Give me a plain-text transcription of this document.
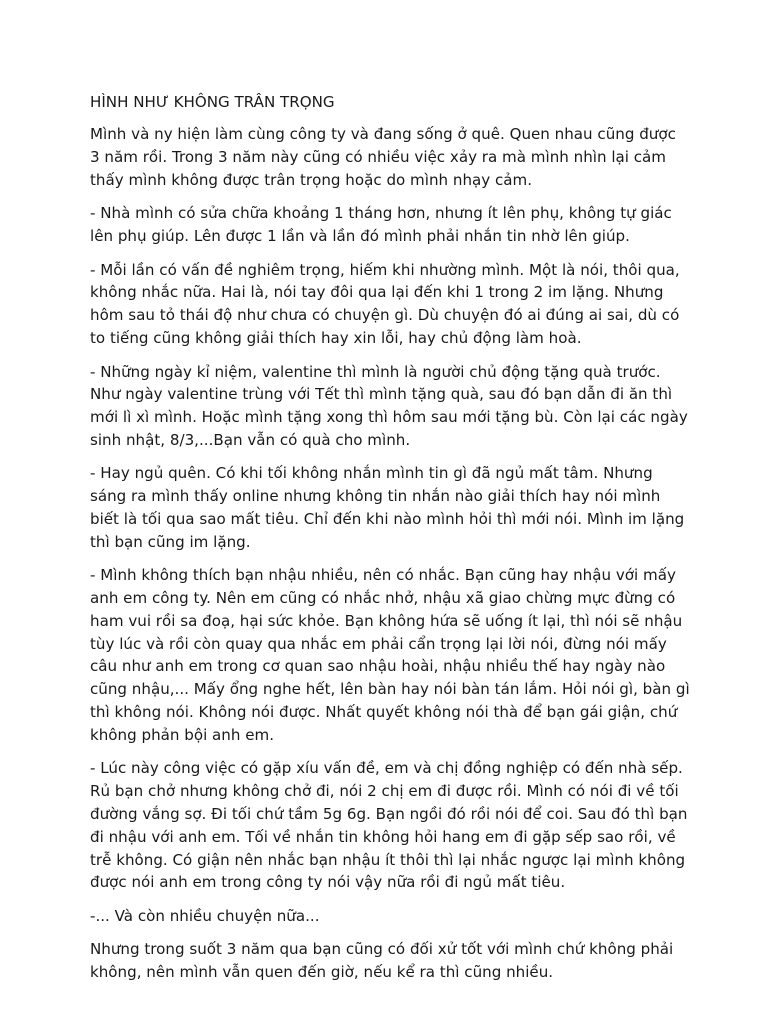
HÌNH NHƯ KHÔNG TRÂN TRỌNG

Mình và ny hiện làm cùng công ty và đang sống ở quê. Quen nhau cũng được 3 năm rồi. Trong 3 năm này cũng có nhiều việc xảy ra mà mình nhìn lại cảm thấy mình không được trân trọng hoặc do mình nhạy cảm.

- Nhà mình có sửa chữa khoảng 1 tháng hơn, nhưng ít lên phụ, không tự giác lên phụ giúp. Lên được 1 lần và lần đó mình phải nhắn tin nhờ lên giúp.

- Mỗi lần có vấn đề nghiêm trọng, hiếm khi nhường mình. Một là nói, thôi qua, không nhắc nữa. Hai là, nói tay đôi qua lại đến khi 1 trong 2 im lặng. Nhưng hôm sau tỏ thái độ như chưa có chuyện gì. Dù chuyện đó ai đúng ai sai, dù có to tiếng cũng không giải thích hay xin lỗi, hay chủ động làm hoà.

- Những ngày kỉ niệm, valentine thì mình là người chủ động tặng quà trước. Như ngày valentine trùng với Tết thì mình tặng quà, sau đó bạn dẫn đi ăn thì mới lì xì mình. Hoặc mình tặng xong thì hôm sau mới tặng bù. Còn lại các ngày sinh nhật, 8/3,...Bạn vẫn có quà cho mình.

- Hay ngủ quên. Có khi tối không nhắn mình tin gì đã ngủ mất tâm. Nhưng sáng ra mình thấy online nhưng không tin nhắn nào giải thích hay nói mình biết là tối qua sao mất tiêu. Chỉ đến khi nào mình hỏi thì mới nói. Mình im lặng thì bạn cũng im lặng.

- Mình không thích bạn nhậu nhiều, nên có nhắc. Bạn cũng hay nhậu với mấy anh em công ty. Nên em cũng có nhắc nhở, nhậu xã giao chừng mực đừng có ham vui rồi sa đoạ, hại sức khỏe. Bạn không hứa sẽ uống ít lại, thì nói sẽ nhậu tùy lúc và rồi còn quay qua nhắc em phải cẩn trọng lại lời nói, đừng nói mấy câu như anh em trong cơ quan sao nhậu hoài, nhậu nhiều thế hay ngày nào cũng nhậu,... Mấy ổng nghe hết, lên bàn hay nói bàn tán lắm. Hỏi nói gì, bàn gì thì không nói. Không nói được. Nhất quyết không nói thà để bạn gái giận, chứ không phản bội anh em.

- Lúc này công việc có gặp xíu vấn đề, em và chị đồng nghiệp có đến nhà sếp. Rủ bạn chở nhưng không chở đi, nói 2 chị em đi được rồi. Mình có nói đi về tối đường vắng sợ. Đi tối chứ tầm 5g 6g. Bạn ngồi đó rồi nói để coi. Sau đó thì bạn đi nhậu với anh em. Tối về nhắn tin không hỏi hang em đi gặp sếp sao rồi, về trễ không. Có giận nên nhắc bạn nhậu ít thôi thì lại nhắc ngược lại mình không được nói anh em trong công ty nói vậy nữa rồi đi ngủ mất tiêu.

-... Và còn nhiều chuyện nữa...

Nhưng trong suốt 3 năm qua bạn cũng có đối xử tốt với mình chứ không phải không, nên mình vẫn quen đến giờ, nếu kể ra thì cũng nhiều.
